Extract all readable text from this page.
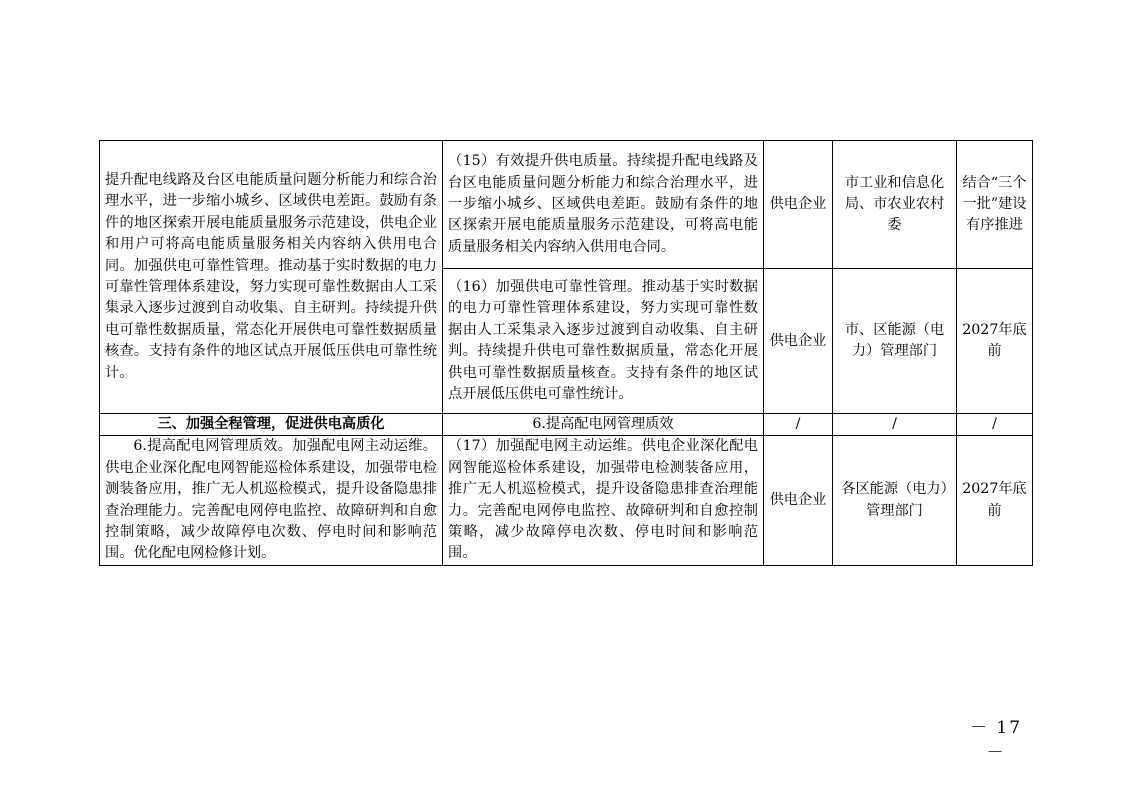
提升配电线路及台区电能质量问题分析能力和综合治理水平，进一步缩小城乡、区域供电差距。鼓励有条件的地区探索开展电能质量服务示范建设，供电企业和用户可将高电能质量服务相关内容纳入供用电合同。加强供电可靠性管理。推动基于实时数据的电力可靠性管理体系建设，努力实现可靠性数据由人工采集录入逐步过渡到自动收集、自主研判。持续提升供电可靠性数据质量，常态化开展供电可靠性数据质量核查。支持有条件的地区试点开展低压供电可靠性统计。	（15）有效提升供电质量。持续提升配电线路及台区电能质量问题分析能力和综合治理水平，进一步缩小城乡、区域供电差距。鼓励有条件的地区探索开展电能质量服务示范建设，可将高电能质量服务相关内容纳入供用电合同。	供电企业	市工业和信息化局、市农业农村委	结合“三个一批”建设有序推进
	（16）加强供电可靠性管理。推动基于实时数据的电力可靠性管理体系建设，努力实现可靠性数据由人工采集录入逐步过渡到自动收集、自主研判。持续提升供电可靠性数据质量，常态化开展供电可靠性数据质量核查。支持有条件的地区试点开展低压供电可靠性统计。	供电企业	市、区能源（电力）管理部门	2027年底前
三、加强全程管理，促进供电高质化	6.提高配电网管理质效	/	/	/
6.提高配电网管理质效。加强配电网主动运维。供电企业深化配电网智能巡检体系建设，加强带电检测装备应用，推广无人机巡检模式，提升设备隐患排查治理能力。完善配电网停电监控、故障研判和自愈控制策略，减少故障停电次数、停电时间和影响范围。优化配电网检修计划。	（17）加强配电网主动运维。供电企业深化配电网智能巡检体系建设，加强带电检测装备应用，推广无人机巡检模式，提升设备隐患排查治理能力。完善配电网停电监控、故障研判和自愈控制策略，减少故障停电次数、停电时间和影响范围。	供电企业	各区能源（电力）管理部门	2027年底前
－ 17 －
